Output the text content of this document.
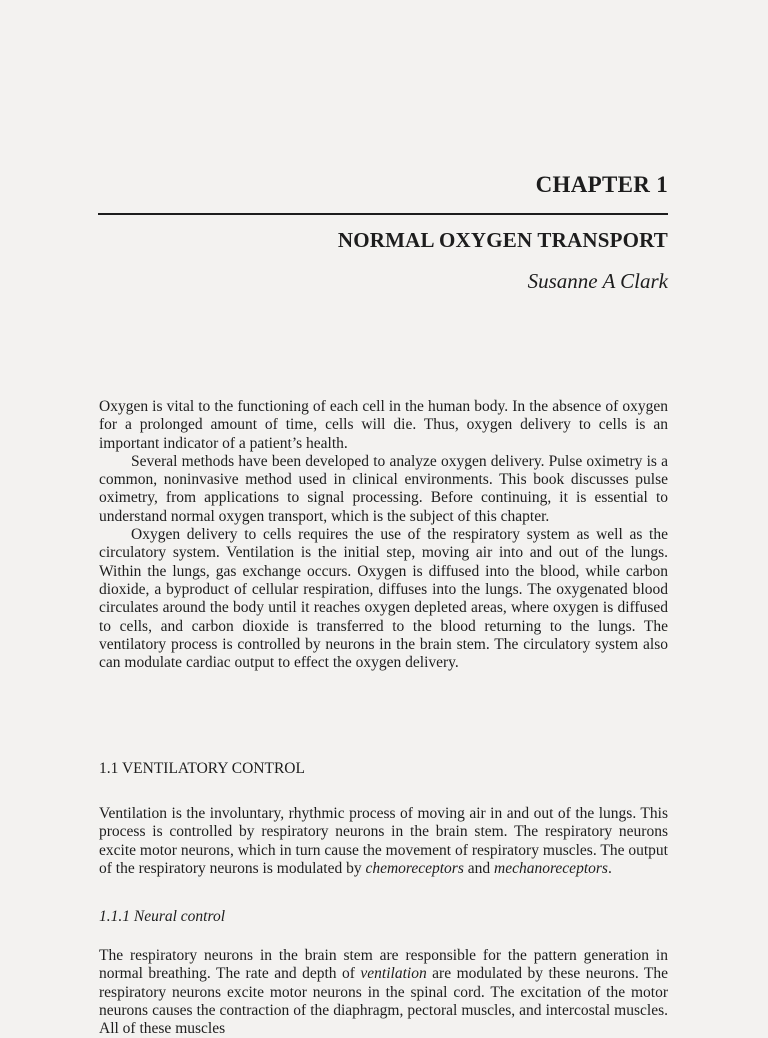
CHAPTER 1
NORMAL OXYGEN TRANSPORT
Susanne A Clark

Oxygen is vital to the functioning of each cell in the human body. In the absence of oxygen for a prolonged amount of time, cells will die. Thus, oxygen delivery to cells is an important indicator of a patient’s health.

Several methods have been developed to analyze oxygen delivery. Pulse oximetry is a common, noninvasive method used in clinical environments. This book discusses pulse oximetry, from applications to signal processing. Before continuing, it is essential to understand normal oxygen transport, which is the subject of this chapter.

Oxygen delivery to cells requires the use of the respiratory system as well as the circulatory system. Ventilation is the initial step, moving air into and out of the lungs. Within the lungs, gas exchange occurs. Oxygen is diffused into the blood, while carbon dioxide, a byproduct of cellular respiration, diffuses into the lungs. The oxygenated blood circulates around the body until it reaches oxygen depleted areas, where oxygen is diffused to cells, and carbon dioxide is transferred to the blood returning to the lungs. The ventilatory process is controlled by neurons in the brain stem. The circulatory system also can modulate cardiac output to effect the oxygen delivery.

1.1 VENTILATORY CONTROL

Ventilation is the involuntary, rhythmic process of moving air in and out of the lungs. This process is controlled by respiratory neurons in the brain stem. The respiratory neurons excite motor neurons, which in turn cause the movement of respiratory muscles. The output of the respiratory neurons is modulated by chemoreceptors and mechanoreceptors.

1.1.1 Neural control

The respiratory neurons in the brain stem are responsible for the pattern generation in normal breathing. The rate and depth of ventilation are modulated by these neurons. The respiratory neurons excite motor neurons in the spinal cord. The excitation of the motor neurons causes the contraction of the diaphragm, pectoral muscles, and intercostal muscles. All of these muscles
